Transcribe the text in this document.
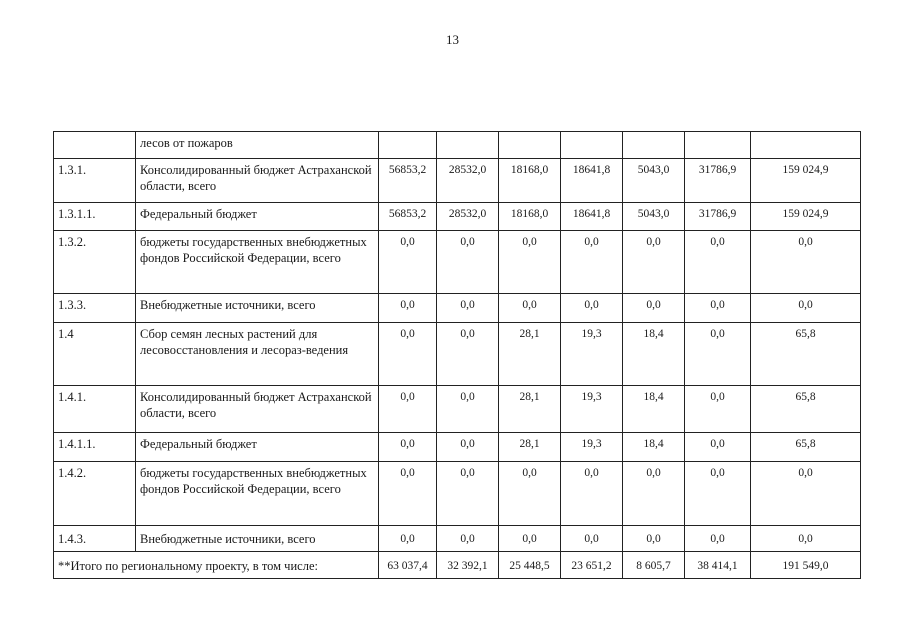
13
	лесов от пожаров							
1.3.1.	Консолидированный бюджет Астраханской области, всего	56853,2	28532,0	18168,0	18641,8	5043,0	31786,9	159 024,9
1.3.1.1.	Федеральный бюджет	56853,2	28532,0	18168,0	18641,8	5043,0	31786,9	159 024,9
1.3.2.	бюджеты государственных внебюджетных фондов Российской Федерации, всего	0,0	0,0	0,0	0,0	0,0	0,0	0,0
1.3.3.	Внебюджетные источники, всего	0,0	0,0	0,0	0,0	0,0	0,0	0,0
1.4	Сбор семян лесных растений для лесовосстановления и лесораз-ведения	0,0	0,0	28,1	19,3	18,4	0,0	65,8
1.4.1.	Консолидированный бюджет Астраханской области, всего	0,0	0,0	28,1	19,3	18,4	0,0	65,8
1.4.1.1.	Федеральный бюджет	0,0	0,0	28,1	19,3	18,4	0,0	65,8
1.4.2.	бюджеты государственных внебюджетных фондов Российской Федерации, всего	0,0	0,0	0,0	0,0	0,0	0,0	0,0
1.4.3.	Внебюджетные источники, всего	0,0	0,0	0,0	0,0	0,0	0,0	0,0
**Итого по региональному проекту, в том числе:		63 037,4	32 392,1	25 448,5	23 651,2	8 605,7	38 414,1	191 549,0
